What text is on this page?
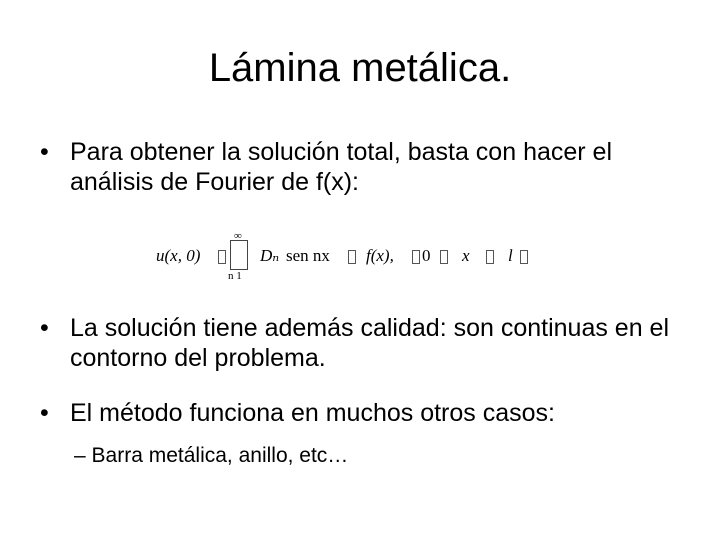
Lámina metálica.
• Para obtener la solución total, basta con hacer el análisis de Fourier de f(x):
u(x, 0)
∞
n 1
Dₙ sen nx f(x), 0 x l
• La solución tiene además calidad: son continuas en el contorno del problema.
• El método funciona en muchos otros casos:
– Barra metálica, anillo, etc…
